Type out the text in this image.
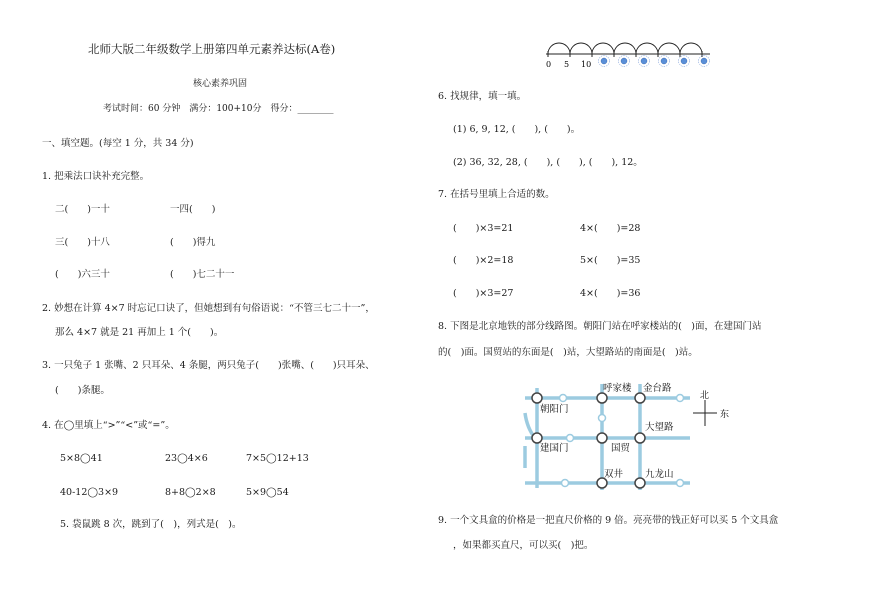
北师大版二年级数学上册第四单元素养达标(A卷)
核心素养巩固
考试时间：60 分钟　满分：100+10分　得分：________
一、填空题。(每空 1 分，共 34 分)
1. 把乘法口诀补充完整。
二(　　)一十	一四(　　)
三(　　)十八	(　　)得九
(　　)六三十	(　　)七二十一
2. 妙想在计算 4×7 时忘记口诀了，但她想到有句俗语说：“不管三七二十一”，
那么 4×7 就是 21 再加上 1 个(　　)。
3. 一只兔子 1 张嘴、2 只耳朵、4 条腿，两只兔子(　　)张嘴、(　　)只耳朵、
(　　)条腿。
4. 在◯里填上“>”“<”或“=”。
5×8◯41	23◯4×6	7×5◯12+13
40-12◯3×9	8+8◯2×8	5×9◯54
5. 袋鼠跳 8 次，跳到了(　)，列式是(　)。
0 5 10
6. 找规律，填一填。
(1) 6, 9, 12, (　　), (　　)。
(2) 36, 32, 28, (　　), (　　), (　　), 12。
7. 在括号里填上合适的数。
(　　)×3=21	4×(　　)=28
(　　)×2=18	5×(　　)=35
(　　)×3=27	4×(　　)=36
8. 下图是北京地铁的部分线路图。朝阳门站在呼家楼站的(　)面，在建国门站
的(　)面。国贸站的东面是(　)站，大望路站的南面是(　)站。
呼家楼 金台路
朝阳门
大望路
建国门	国贸
双井 九龙山
北
东
9. 一个文具盒的价格是一把直尺价格的 9 倍。亮亮带的钱正好可以买 5 个文具盒
，如果都买直尺，可以买(　)把。
